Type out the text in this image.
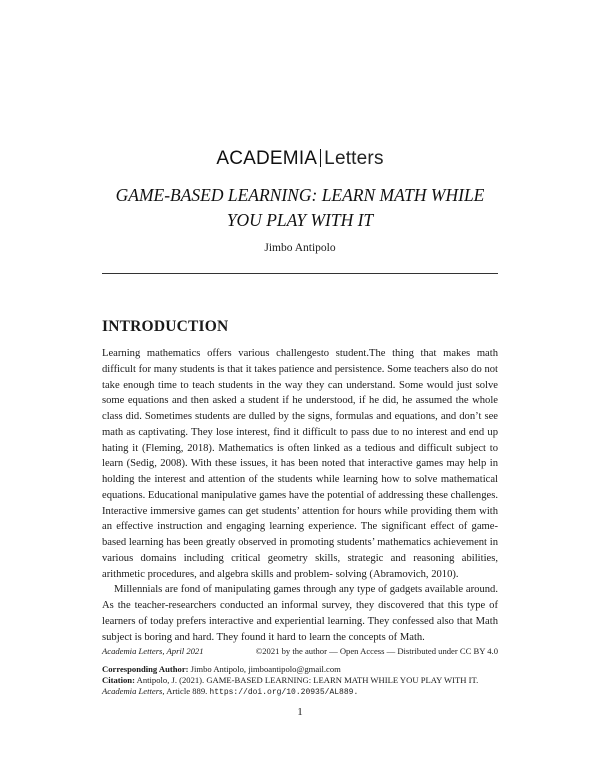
ACADEMIA Letters
GAME-BASED LEARNING: LEARN MATH WHILE YOU PLAY WITH IT
Jimbo Antipolo
INTRODUCTION

Learning mathematics offers various challengesto student.The thing that makes math difficult for many students is that it takes patience and persistence. Some teachers also do not take enough time to teach students in the way they can understand. Some would just solve some equations and then asked a student if he understood, if he did, he assumed the whole class did. Sometimes students are dulled by the signs, formulas and equations, and don’t see math as captivating. They lose interest, find it difficult to pass due to no interest and end up hating it (Fleming, 2018). Mathematics is often linked as a tedious and difficult subject to learn (Sedig, 2008). With these issues, it has been noted that interactive games may help in holding the interest and attention of the students while learning how to solve mathematical equations. Educational manipulative games have the potential of addressing these challenges. Interactive immersive games can get students’ attention for hours while providing them with an effective instruction and engaging learning experience. The significant effect of game-based learning has been greatly observed in promoting students’ mathematics achievement in various domains including critical geometry skills, strategic and reasoning abilities, arithmetic procedures, and algebra skills and problem- solving (Abramovich, 2010).

Millennials are fond of manipulating games through any type of gadgets available around. As the teacher-researchers conducted an informal survey, they discovered that this type of learners of today prefers interactive and experiential learning. They confessed also that Math subject is boring and hard. They found it hard to learn the concepts of Math.

Academia Letters, April 2021	©2021 by the author — Open Access — Distributed under CC BY 4.0
Corresponding Author: Jimbo Antipolo, jimboantipolo@gmail.com
Citation: Antipolo, J. (2021). GAME-BASED LEARNING: LEARN MATH WHILE YOU PLAY WITH IT.
Academia Letters, Article 889. https://doi.org/10.20935/AL889.
1
